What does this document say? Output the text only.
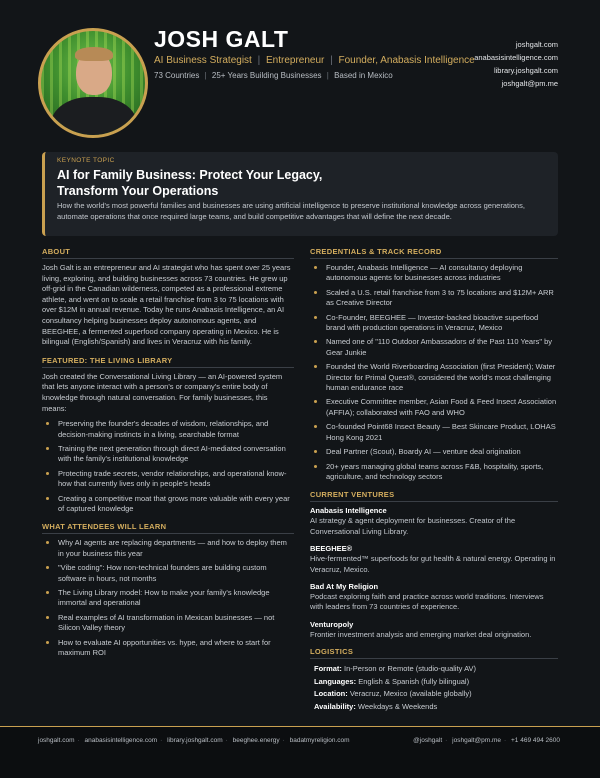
JOSH GALT
AI Business Strategist | Entrepreneur | Founder, Anabasis Intelligence
73 Countries | 25+ Years Building Businesses | Based in Mexico
joshgalt.com
anabasisintelligence.com
library.joshgalt.com
joshgalt@pm.me
KEYNOTE TOPIC
AI for Family Business: Protect Your Legacy,
Transform Your Operations
How the world's most powerful families and businesses are using artificial intelligence to preserve institutional knowledge across generations, automate operations that once required large teams, and build competitive advantages that will define the next decade.
ABOUT

Josh Galt is an entrepreneur and AI strategist who has spent over 25 years living, exploring, and building businesses across 73 countries. He grew up off-grid in the Canadian wilderness, competed as a professional extreme athlete, and went on to scale a retail franchise from 3 to 75 locations with over $12M in annual revenue. Today he runs Anabasis Intelligence, an AI consultancy helping businesses deploy autonomous agents, and BEEGHEE, a fermented superfood company operating in Mexico. He is bilingual (English/Spanish) and lives in Veracruz with his family.

FEATURED: THE LIVING LIBRARY

Josh created the Conversational Living Library — an AI-powered system that lets anyone interact with a person's or company's entire body of knowledge through natural conversation. For family businesses, this means:

Preserving the founder's decades of wisdom, relationships, and decision-making instincts in a living, searchable format
Training the next generation through direct AI-mediated conversation with the family's institutional knowledge
Protecting trade secrets, vendor relationships, and operational know-how that currently lives only in people's heads
Creating a competitive moat that grows more valuable with every year of captured knowledge
WHAT ATTENDEES WILL LEARN
Why AI agents are replacing departments — and how to deploy them in your business this year
"Vibe coding": How non-technical founders are building custom software in hours, not months
The Living Library model: How to make your family's knowledge immortal and operational
Real examples of AI transformation in Mexican businesses — not Silicon Valley theory
How to evaluate AI opportunities vs. hype, and where to start for maximum ROI
CREDENTIALS & TRACK RECORD
Founder, Anabasis Intelligence — AI consultancy deploying autonomous agents for businesses across industries
Scaled a U.S. retail franchise from 3 to 75 locations and $12M+ ARR as Creative Director
Co-Founder, BEEGHEE — Investor-backed bioactive superfood brand with production operations in Veracruz, Mexico
Named one of "110 Outdoor Ambassadors of the Past 110 Years" by Gear Junkie
Founded the World Riverboarding Association (first President); Water Director for Primal Quest®, considered the world's most challenging human endurance race
Executive Committee member, Asian Food & Feed Insect Association (AFFIA); collaborated with FAO and WHO
Co-founded Point68 Insect Beauty — Best Skincare Product, LOHAS Hong Kong 2021
Deal Partner (Scout), Boardy AI — venture deal origination
20+ years managing global teams across F&B, hospitality, sports, agriculture, and technology sectors
CURRENT VENTURES
Anabasis Intelligence
AI strategy & agent deployment for businesses. Creator of the Conversational Living Library.
BEEGHEE®
Hive-fermented™ superfoods for gut health & natural energy. Operating in Veracruz, Mexico.
Bad At My Religion
Podcast exploring faith and practice across world traditions. Interviews with leaders from 73 countries of experience.
Venturopoly
Frontier investment analysis and emerging market deal origination.
LOGISTICS
Format: In-Person or Remote (studio-quality AV)
Languages: English & Spanish (fully bilingual)
Location: Veracruz, Mexico (available globally)
Availability: Weekdays & Weekends
joshgalt.com · anabasisintelligence.com · library.joshgalt.com · beeghee.energy · badatmyreligion.com	@joshgalt · joshgalt@pm.me · +1 469 494 2600
